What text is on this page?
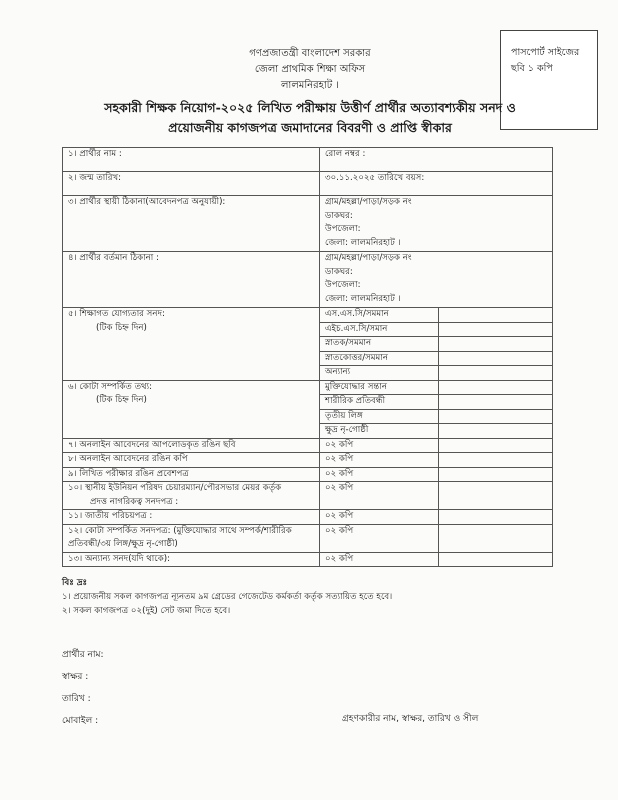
পাসপোর্ট সাইজের
ছবি ১ কপি
গণপ্রজাতন্ত্রী বাংলাদেশ সরকার
জেলা প্রাথমিক শিক্ষা অফিস
লালমনিরহাট ।
সহকারী শিক্ষক নিয়োগ-২০২৫ লিখিত পরীক্ষায় উত্তীর্ণ প্রার্থীর অত্যাবশ্যকীয় সনদ ও
প্রয়োজনীয় কাগজপত্র জমাদানের বিবরণী ও প্রাপ্তি স্বীকার
১। প্রার্থীর নাম :	রোল নম্বর :	
২। জন্ম তারিখ:	৩০.১১.২০২৫ তারিখে বয়স:	
৩। প্রার্থীর স্থায়ী ঠিকানা(আবেদনপত্র অনুযায়ী):	গ্রাম/মহল্লা/পাড়া/সড়ক নং
ডাকঘর:
উপজেলা:
জেলা: লালমনিরহাট ।	

৪। প্রার্থীর বর্তমান ঠিকানা :	গ্রাম/মহল্লা/পাড়া/সড়ক নং
ডাকঘর:
উপজেলা:
জেলা: লালমনিরহাট ।	

৫। শিক্ষাগত যোগ্যতার সনদ:
(টিক চিহ্ন দিন)	এস.এস.সি/সমমান	
	এইচ.এস.সি/সমান	
	স্নাতক/সমমান	
	স্নাতকোত্তর/সমমান	
	অন্যান্য	
৬। কোটা সম্পর্কিত তথ্য:
(টিক চিহ্ন দিন)	মুক্তিযোদ্ধার সন্তান	
	শারীরিক প্রতিবন্ধী	
	তৃতীয় লিঙ্গ	
	ক্ষুদ্র নৃ-গোষ্ঠী	
৭। অনলাইন আবেদনের আপলোডকৃত রঙিন ছবি	০২ কপি	
৮। অনলাইন আবেদনের রঙিন কপি	০২ কপি	
৯। লিখিত পরীক্ষার রঙিন প্রবেশপত্র	০২ কপি	
১০। স্থানীয় ইউনিয়ন পরিষদ চেয়ারম্যান/পৌরসভার মেয়র কর্তৃক
প্রদত্ত নাগরিকত্ব সনদপত্র :	০২ কপি	
১১। জাতীয় পরিচয়পত্র :	০২ কপি	
১২। কোটা সম্পর্কিত সনদপত্র: (মুক্তিযোদ্ধার সাথে সম্পর্ক/শারীরিক
প্রতিবন্ধী/৩য় লিঙ্গ/ক্ষুদ্র নৃ-গোষ্ঠী)	০২ কপি	
১৩। অন্যান্য সনদ(যদি থাকে):	০২ কপি	
বিঃ দ্রঃ
১। প্রয়োজনীয় সকল কাগজপত্র ন্যূনতম ৯ম গ্রেডের গেজেটেড কর্মকর্তা কর্তৃক সত্যায়িত হতে হবে।
২। সকল কাগজপত্র ০২(দুই) সেট জমা দিতে হবে।
প্রার্থীর নাম:
স্বাক্ষর :
তারিখ :
মোবাইল :	গ্রহণকারীর নাম, স্বাক্ষর, তারিখ ও সীল
